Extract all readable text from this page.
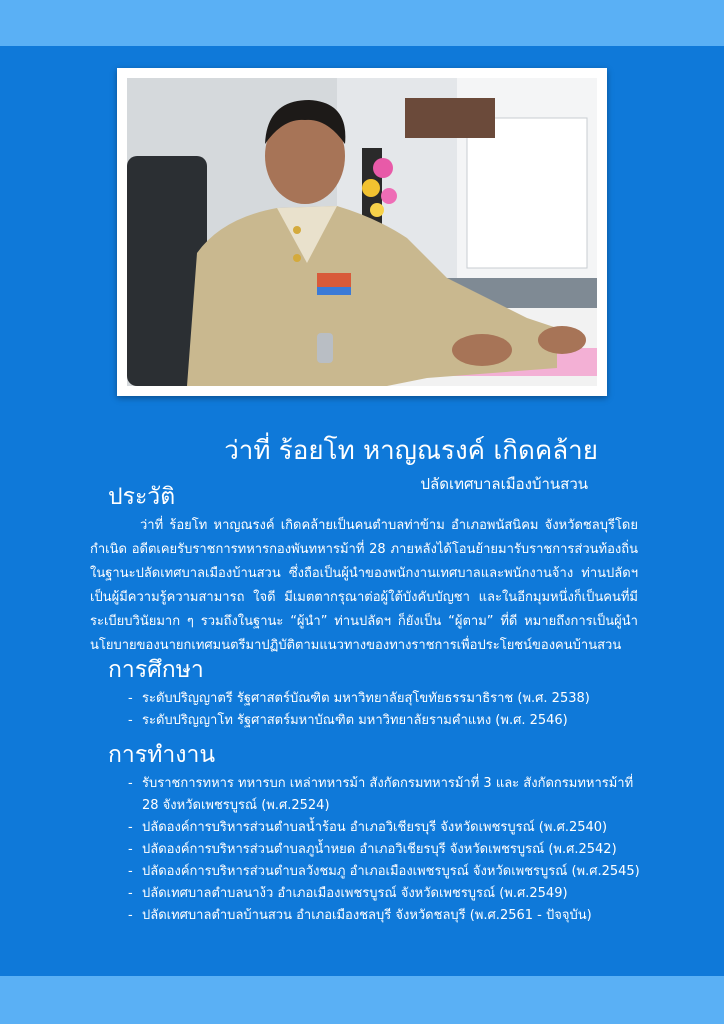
ว่าที่ ร้อยโท หาญณรงค์ เกิดคล้าย
ปลัดเทศบาลเมืองบ้านสวน
ประวัติ

ว่าที่ ร้อยโท หาญณรงค์ เกิดคล้ายเป็นคนตำบลท่าข้าม อำเภอพนัสนิคม จังหวัดชลบุรีโดยกำเนิด อดีตเคยรับราชการทหารกองพันทหารม้าที่ 28 ภายหลังได้โอนย้ายมารับราชการส่วนท้องถิ่น ในฐานะปลัดเทศบาลเมืองบ้านสวน ซึ่งถือเป็นผู้นำของพนักงานเทศบาลและพนักงานจ้าง ท่านปลัดฯ เป็นผู้มีความรู้ความสามารถ ใจดี มีเมตตากรุณาต่อผู้ใต้บังคับบัญชา และในอีกมุมหนึ่งก็เป็นคนที่มีระเบียบวินัยมาก ๆ รวมถึงในฐานะ “ผู้นำ” ท่านปลัดฯ ก็ยังเป็น “ผู้ตาม” ที่ดี หมายถึงการเป็นผู้นำนโยบายของนายกเทศมนตรีมาปฏิบัติตามแนวทางของทางราชการเพื่อประโยชน์ของคนบ้านสวน

การศึกษา
- ระดับปริญญาตรี รัฐศาสตร์บัณฑิต มหาวิทยาลัยสุโขทัยธรรมาธิราช (พ.ศ. 2538)
- ระดับปริญญาโท รัฐศาสตร์มหาบัณฑิต มหาวิทยาลัยรามคำแหง (พ.ศ. 2546)
การทำงาน
- รับราชการทหาร ทหารบก เหล่าทหารม้า สังกัดกรมทหารม้าที่ 3 และ สังกัดกรมทหารม้าที่ 28 จังหวัดเพชรบูรณ์ (พ.ศ.2524)
- ปลัดองค์การบริหารส่วนตำบลน้ำร้อน อำเภอวิเชียรบุรี จังหวัดเพชรบูรณ์ (พ.ศ.2540)
- ปลัดองค์การบริหารส่วนตำบลภูน้ำหยด อำเภอวิเชียรบุรี จังหวัดเพชรบูรณ์ (พ.ศ.2542)
- ปลัดองค์การบริหารส่วนตำบลวังชมภู อำเภอเมืองเพชรบูรณ์ จังหวัดเพชรบูรณ์ (พ.ศ.2545)
- ปลัดเทศบาลตำบลนาง้ว อำเภอเมืองเพชรบูรณ์ จังหวัดเพชรบูรณ์ (พ.ศ.2549)
- ปลัดเทศบาลตำบลบ้านสวน อำเภอเมืองชลบุรี จังหวัดชลบุรี (พ.ศ.2561 - ปัจจุบัน)
